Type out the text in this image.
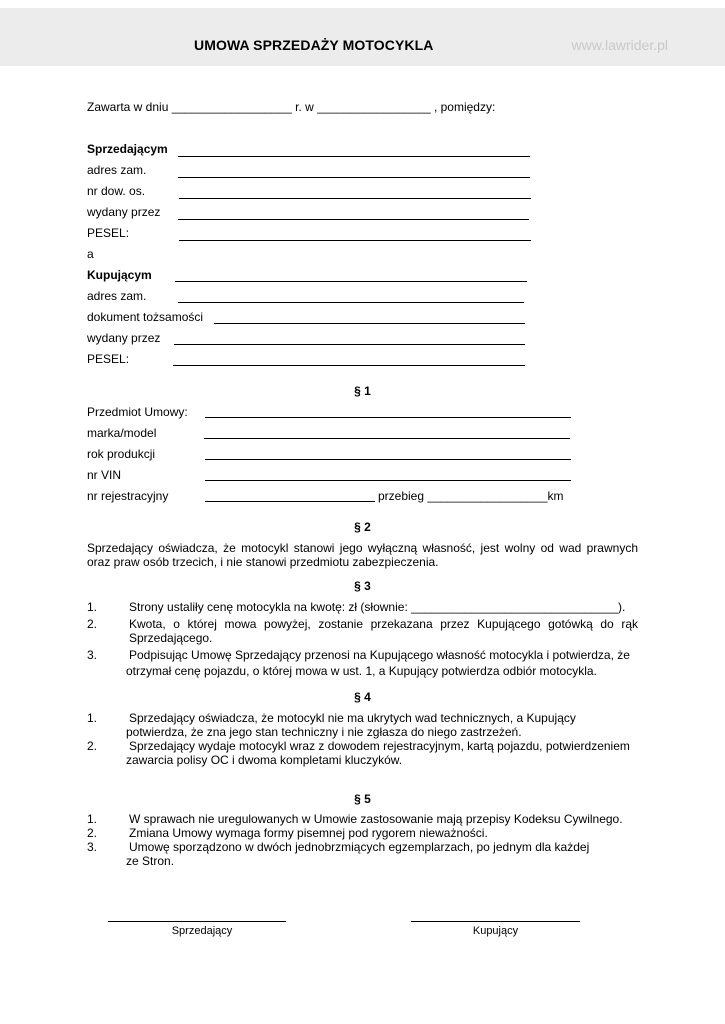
UMOWA SPRZEDAŻY MOTOCYKLA	www.lawrider.pl
Zawarta w dniu __________________ r. w _________________ , pomiędzy:
Sprzedającym
adres zam.
nr dow. os.
wydany przez
PESEL:
a
Kupującym
adres zam.
dokument tożsamości
wydany przez
PESEL:
§ 1
Przedmiot Umowy:
marka/model
rok produkcji
nr VIN
nr rejestracyjny	przebieg __________________km
§ 2
Sprzedający oświadcza, że motocykl stanowi jego wyłączną własność, jest wolny od wad prawnych oraz praw osób trzecich, i nie stanowi przedmiotu zabezpieczenia.
§ 3
1.	Strony ustaliły cenę motocykla na kwotę: zł (słownie: _______________________________).
2.	Kwota, o której mowa powyżej, zostanie przekazana przez Kupującego gotówką do rąk Sprzedającego.
3.	Podpisując Umowę Sprzedający przenosi na Kupującego własność motocykla i potwierdza, że
otrzymał cenę pojazdu, o której mowa w ust. 1, a Kupujący potwierdza odbiór motocykla.
§ 4
1.	Sprzedający oświadcza, że motocykl nie ma ukrytych wad technicznych, a Kupujący
potwierdza, że zna jego stan techniczny i nie zgłasza do niego zastrzeżeń.
2.	Sprzedający wydaje motocykl wraz z dowodem rejestracyjnym, kartą pojazdu, potwierdzeniem
zawarcia polisy OC i dwoma kompletami kluczyków.
§ 5
1.	W sprawach nie uregulowanych w Umowie zastosowanie mają przepisy Kodeksu Cywilnego.
2.	Zmiana Umowy wymaga formy pisemnej pod rygorem nieważności.
3.	Umowę sporządzono w dwóch jednobrzmiących egzemplarzach, po jednym dla każdej
ze Stron.
Sprzedający	Kupujący
